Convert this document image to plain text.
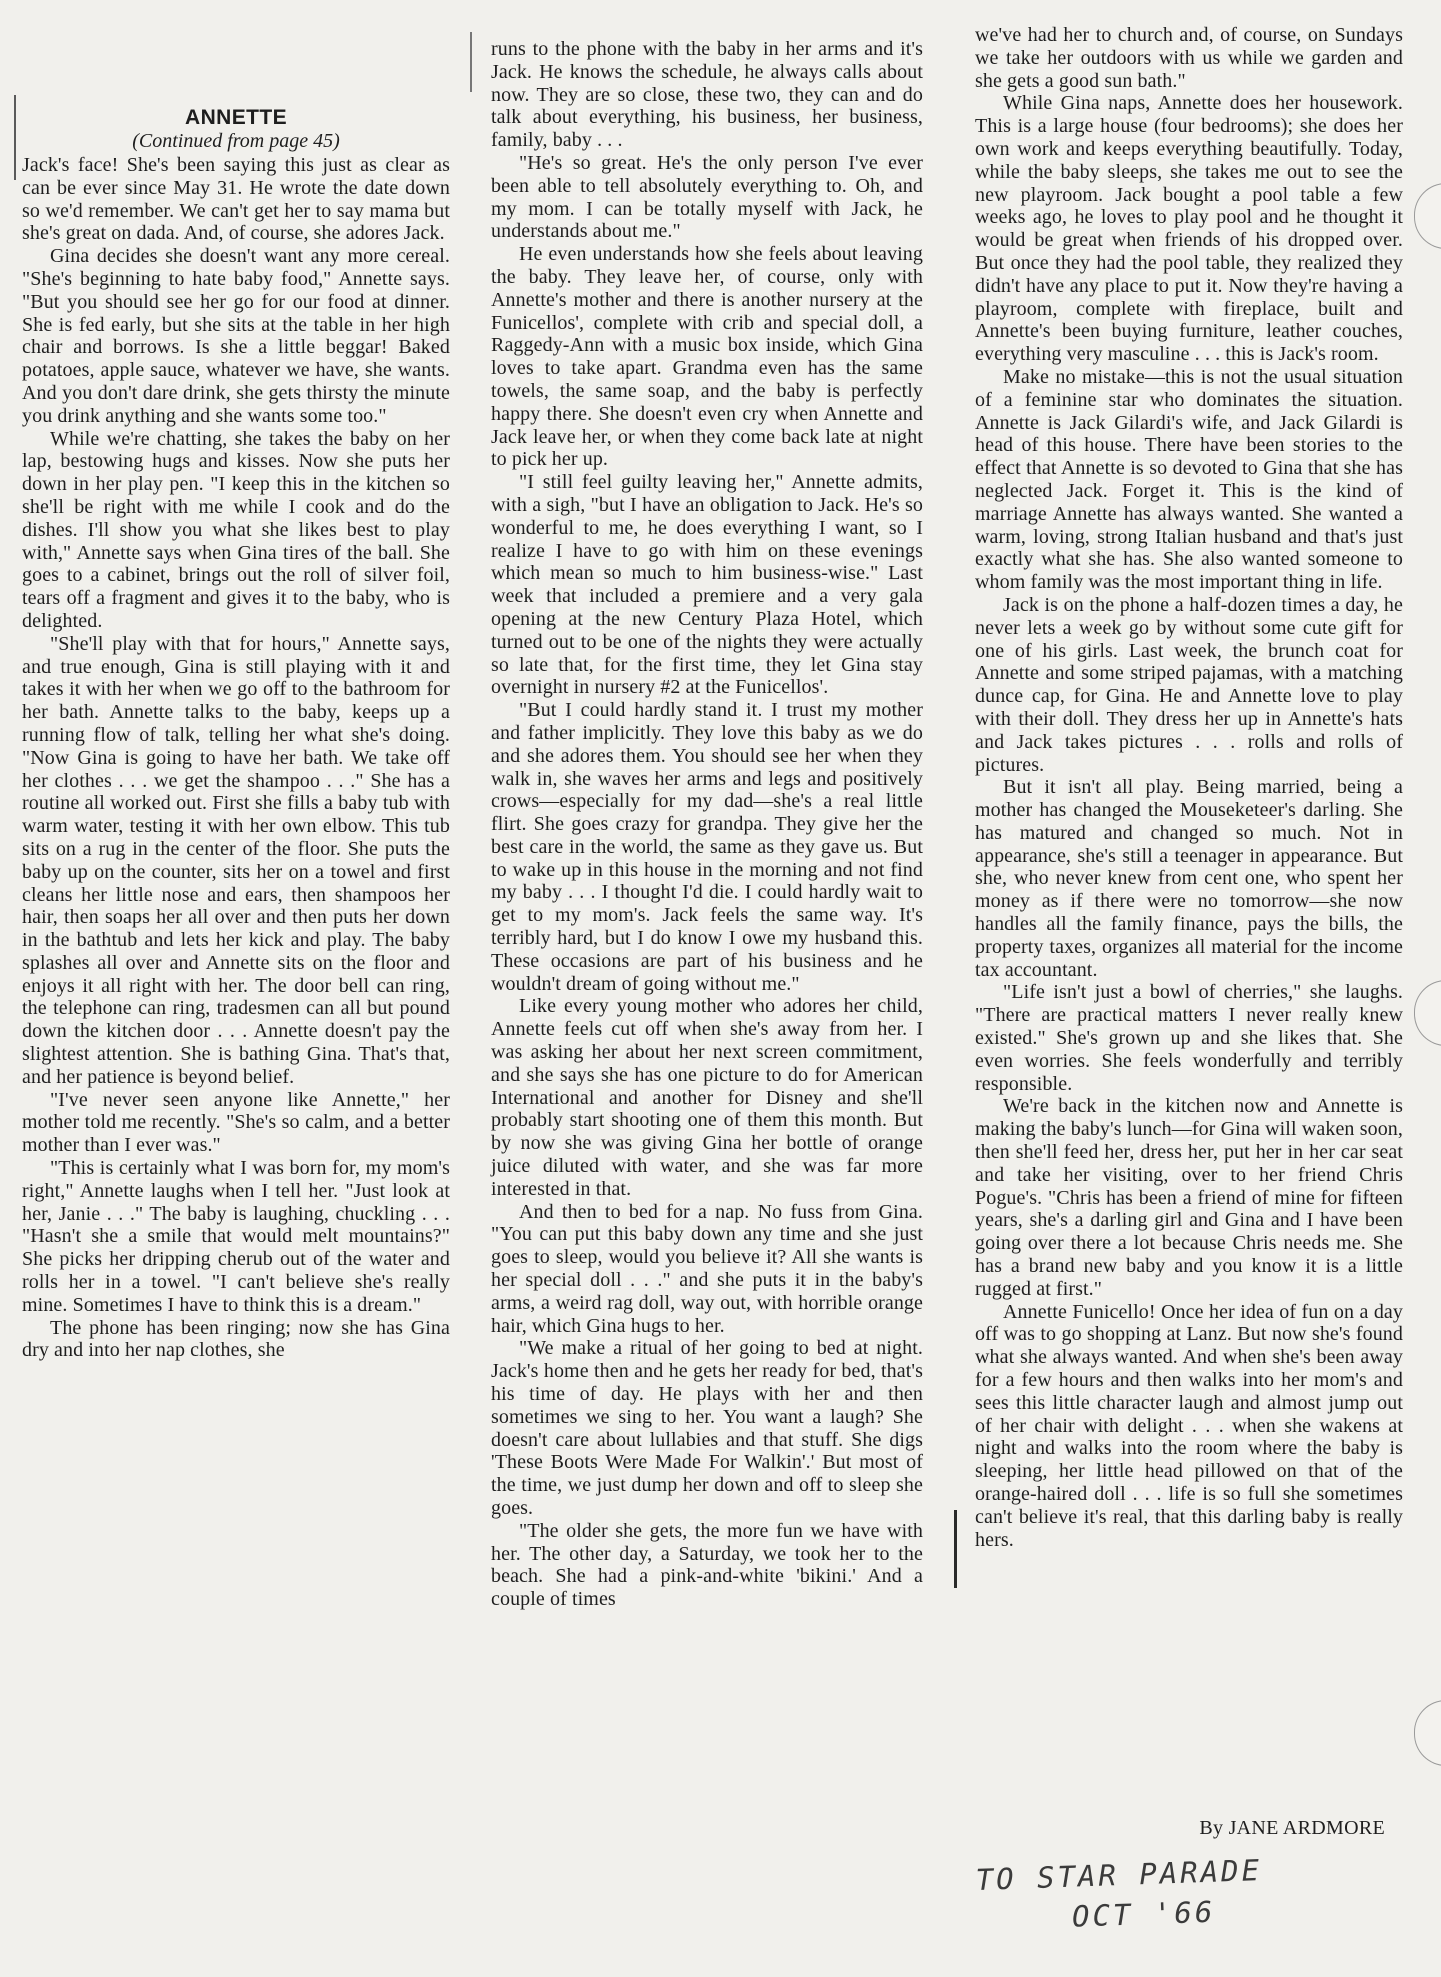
ANNETTE
(Continued from page 45)

Jack's face! She's been saying this just as clear as can be ever since May 31. He wrote the date down so we'd remember. We can't get her to say mama but she's great on dada. And, of course, she adores Jack.

Gina decides she doesn't want any more cereal. "She's beginning to hate baby food," Annette says. "But you should see her go for our food at dinner. She is fed early, but she sits at the table in her high chair and borrows. Is she a little beggar! Baked potatoes, apple sauce, whatever we have, she wants. And you don't dare drink, she gets thirsty the minute you drink anything and she wants some too."

While we're chatting, she takes the baby on her lap, bestowing hugs and kisses. Now she puts her down in her play pen. "I keep this in the kitchen so she'll be right with me while I cook and do the dishes. I'll show you what she likes best to play with," Annette says when Gina tires of the ball. She goes to a cabinet, brings out the roll of silver foil, tears off a fragment and gives it to the baby, who is delighted.

"She'll play with that for hours," Annette says, and true enough, Gina is still playing with it and takes it with her when we go off to the bathroom for her bath. Annette talks to the baby, keeps up a running flow of talk, telling her what she's doing. "Now Gina is going to have her bath. We take off her clothes . . . we get the shampoo . . ." She has a routine all worked out. First she fills a baby tub with warm water, testing it with her own elbow. This tub sits on a rug in the center of the floor. She puts the baby up on the counter, sits her on a towel and first cleans her little nose and ears, then shampoos her hair, then soaps her all over and then puts her down in the bathtub and lets her kick and play. The baby splashes all over and Annette sits on the floor and enjoys it all right with her. The door bell can ring, the telephone can ring, tradesmen can all but pound down the kitchen door . . . Annette doesn't pay the slightest attention. She is bathing Gina. That's that, and her patience is beyond belief.

"I've never seen anyone like Annette," her mother told me recently. "She's so calm, and a better mother than I ever was."

"This is certainly what I was born for, my mom's right," Annette laughs when I tell her. "Just look at her, Janie . . ." The baby is laughing, chuckling . . . "Hasn't she a smile that would melt mountains?" She picks her dripping cherub out of the water and rolls her in a towel. "I can't believe she's really mine. Sometimes I have to think this is a dream."

The phone has been ringing; now she has Gina dry and into her nap clothes, she

runs to the phone with the baby in her arms and it's Jack. He knows the schedule, he always calls about now. They are so close, these two, they can and do talk about everything, his business, her business, family, baby . . .

"He's so great. He's the only person I've ever been able to tell absolutely everything to. Oh, and my mom. I can be totally myself with Jack, he understands about me."

He even understands how she feels about leaving the baby. They leave her, of course, only with Annette's mother and there is another nursery at the Funicellos', complete with crib and special doll, a Raggedy-Ann with a music box inside, which Gina loves to take apart. Grandma even has the same towels, the same soap, and the baby is perfectly happy there. She doesn't even cry when Annette and Jack leave her, or when they come back late at night to pick her up.

"I still feel guilty leaving her," Annette admits, with a sigh, "but I have an obligation to Jack. He's so wonderful to me, he does everything I want, so I realize I have to go with him on these evenings which mean so much to him business-wise." Last week that included a premiere and a very gala opening at the new Century Plaza Hotel, which turned out to be one of the nights they were actually so late that, for the first time, they let Gina stay overnight in nursery #2 at the Funicellos'.

"But I could hardly stand it. I trust my mother and father implicitly. They love this baby as we do and she adores them. You should see her when they walk in, she waves her arms and legs and positively crows—especially for my dad—she's a real little flirt. She goes crazy for grandpa. They give her the best care in the world, the same as they gave us. But to wake up in this house in the morning and not find my baby . . . I thought I'd die. I could hardly wait to get to my mom's. Jack feels the same way. It's terribly hard, but I do know I owe my husband this. These occasions are part of his business and he wouldn't dream of going without me."

Like every young mother who adores her child, Annette feels cut off when she's away from her. I was asking her about her next screen commitment, and she says she has one picture to do for American International and another for Disney and she'll probably start shooting one of them this month. But by now she was giving Gina her bottle of orange juice diluted with water, and she was far more interested in that.

And then to bed for a nap. No fuss from Gina. "You can put this baby down any time and she just goes to sleep, would you believe it? All she wants is her special doll . . ." and she puts it in the baby's arms, a weird rag doll, way out, with horrible orange hair, which Gina hugs to her.

"We make a ritual of her going to bed at night. Jack's home then and he gets her ready for bed, that's his time of day. He plays with her and then sometimes we sing to her. You want a laugh? She doesn't care about lullabies and that stuff. She digs 'These Boots Were Made For Walkin'.' But most of the time, we just dump her down and off to sleep she goes.

"The older she gets, the more fun we have with her. The other day, a Saturday, we took her to the beach. She had a pink-and-white 'bikini.' And a couple of times

we've had her to church and, of course, on Sundays we take her outdoors with us while we garden and she gets a good sun bath."

While Gina naps, Annette does her housework. This is a large house (four bedrooms); she does her own work and keeps everything beautifully. Today, while the baby sleeps, she takes me out to see the new playroom. Jack bought a pool table a few weeks ago, he loves to play pool and he thought it would be great when friends of his dropped over. But once they had the pool table, they realized they didn't have any place to put it. Now they're having a playroom, complete with fireplace, built and Annette's been buying furniture, leather couches, everything very masculine . . . this is Jack's room.

Make no mistake—this is not the usual situation of a feminine star who dominates the situation. Annette is Jack Gilardi's wife, and Jack Gilardi is head of this house. There have been stories to the effect that Annette is so devoted to Gina that she has neglected Jack. Forget it. This is the kind of marriage Annette has always wanted. She wanted a warm, loving, strong Italian husband and that's just exactly what she has. She also wanted someone to whom family was the most important thing in life.

Jack is on the phone a half-dozen times a day, he never lets a week go by without some cute gift for one of his girls. Last week, the brunch coat for Annette and some striped pajamas, with a matching dunce cap, for Gina. He and Annette love to play with their doll. They dress her up in Annette's hats and Jack takes pictures . . . rolls and rolls of pictures.

But it isn't all play. Being married, being a mother has changed the Mouseketeer's darling. She has matured and changed so much. Not in appearance, she's still a teenager in appearance. But she, who never knew from cent one, who spent her money as if there were no tomorrow—she now handles all the family finance, pays the bills, the property taxes, organizes all material for the income tax accountant.

"Life isn't just a bowl of cherries," she laughs. "There are practical matters I never really knew existed." She's grown up and she likes that. She even worries. She feels wonderfully and terribly responsible.

We're back in the kitchen now and Annette is making the baby's lunch—for Gina will waken soon, then she'll feed her, dress her, put her in her car seat and take her visiting, over to her friend Chris Pogue's. "Chris has been a friend of mine for fifteen years, she's a darling girl and Gina and I have been going over there a lot because Chris needs me. She has a brand new baby and you know it is a little rugged at first."

Annette Funicello! Once her idea of fun on a day off was to go shopping at Lanz. But now she's found what she always wanted. And when she's been away for a few hours and then walks into her mom's and sees this little character laugh and almost jump out of her chair with delight . . . when she wakens at night and walks into the room where the baby is sleeping, her little head pillowed on that of the orange-haired doll . . . life is so full she sometimes can't believe it's real, that this darling baby is really hers.

By JANE ARDMORE
TO STAR PARADE
OCT '66
